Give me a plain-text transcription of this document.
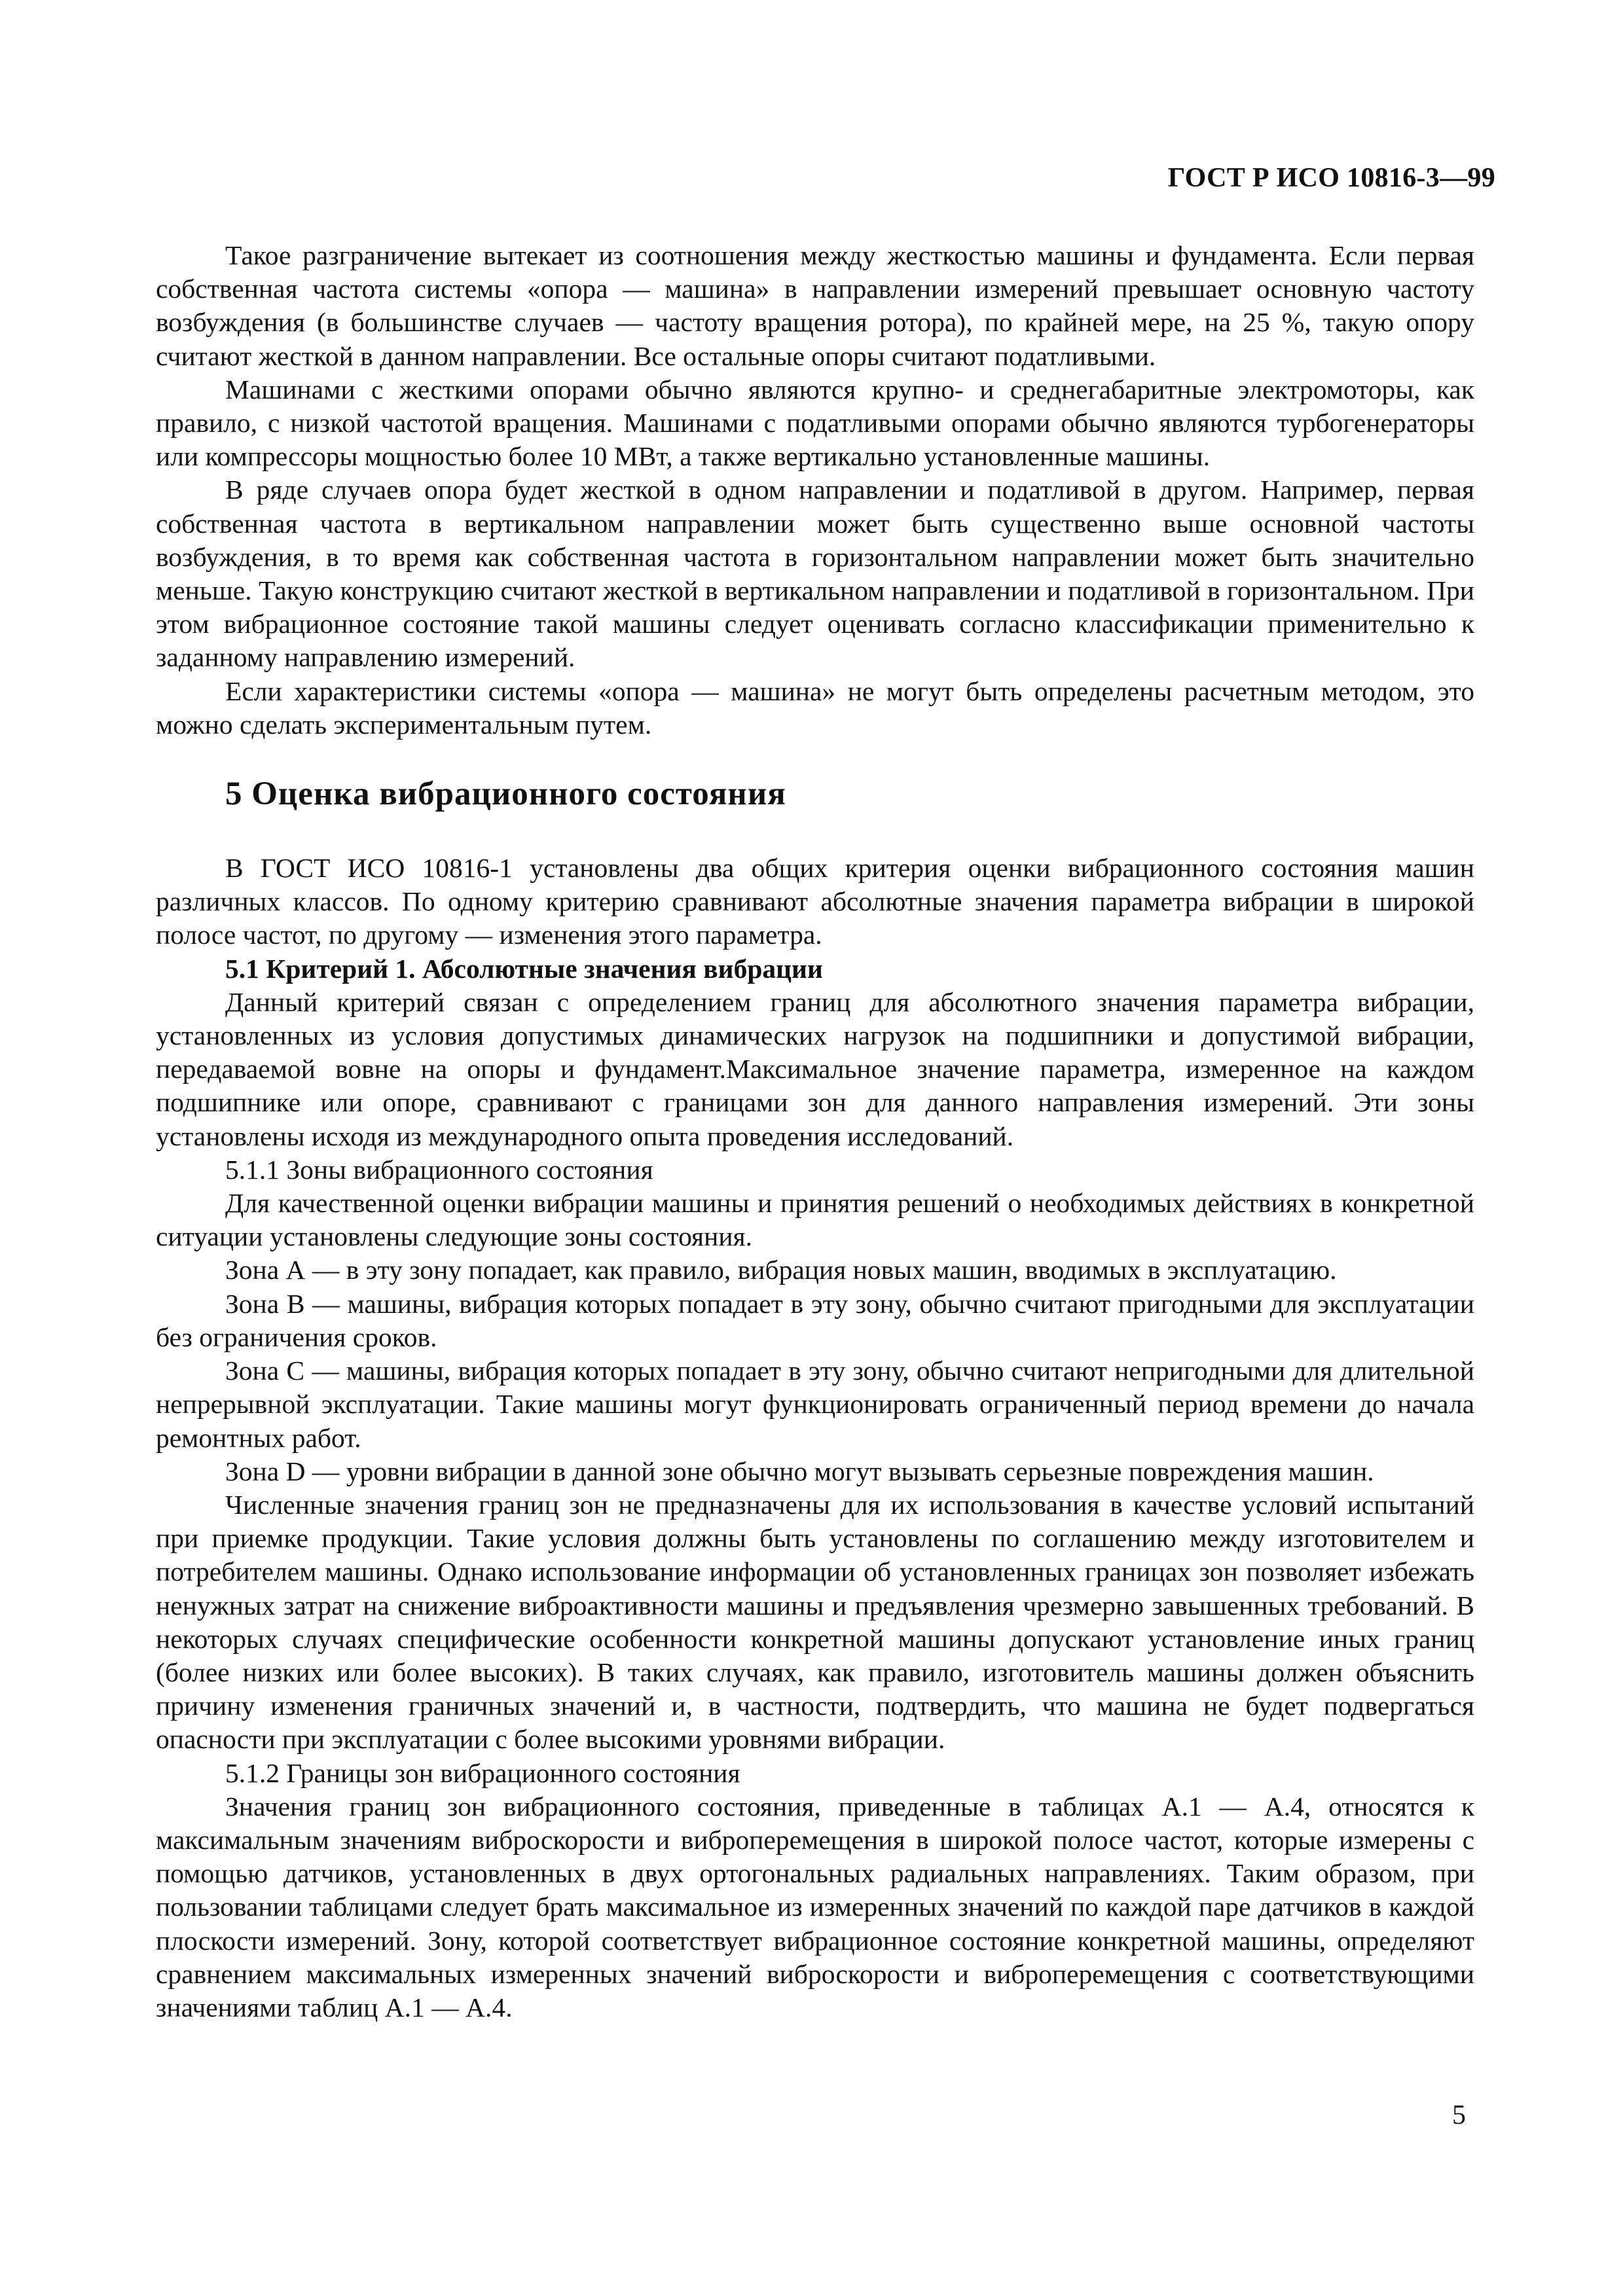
ГОСТ Р ИСО 10816-3—99

Такое разграничение вытекает из соотношения между жесткостью машины и фундамента. Если первая собственная частота системы «опора — машина» в направлении измерений превышает основную частоту возбуждения (в большинстве случаев — частоту вращения ротора), по крайней мере, на 25 %, такую опору считают жесткой в данном направлении. Все остальные опоры считают податливыми.

Машинами с жесткими опорами обычно являются крупно- и среднегабаритные электромоторы, как правило, с низкой частотой вращения. Машинами с податливыми опорами обычно являются турбогенераторы или компрессоры мощностью более 10 МВт, а также вертикально установленные машины.

В ряде случаев опора будет жесткой в одном направлении и податливой в другом. Например, первая собственная частота в вертикальном направлении может быть существенно выше основной частоты возбуждения, в то время как собственная частота в горизонтальном направлении может быть значительно меньше. Такую конструкцию считают жесткой в вертикальном направлении и податливой в горизонтальном. При этом вибрационное состояние такой машины следует оценивать согласно классификации применительно к заданному направлению измерений.

Если характеристики системы «опора — машина» не могут быть определены расчетным методом, это можно сделать экспериментальным путем.

5 Оценка вибрационного состояния

В ГОСТ ИСО 10816-1 установлены два общих критерия оценки вибрационного состояния машин различных классов. По одному критерию сравнивают абсолютные значения параметра вибрации в широкой полосе частот, по другому — изменения этого параметра.

5.1 Критерий 1. Абсолютные значения вибрации

Данный критерий связан с определением границ для абсолютного значения параметра вибрации, установленных из условия допустимых динамических нагрузок на подшипники и допустимой вибрации, передаваемой вовне на опоры и фундамент.Максимальное значение параметра, измеренное на каждом подшипнике или опоре, сравнивают с границами зон для данного направления измерений. Эти зоны установлены исходя из международного опыта проведения исследований.

5.1.1 Зоны вибрационного состояния

Для качественной оценки вибрации машины и принятия решений о необходимых действиях в конкретной ситуации установлены следующие зоны состояния.

Зона А — в эту зону попадает, как правило, вибрация новых машин, вводимых в эксплуатацию.

Зона В — машины, вибрация которых попадает в эту зону, обычно считают пригодными для эксплуатации без ограничения сроков.

Зона С — машины, вибрация которых попадает в эту зону, обычно считают непригодными для длительной непрерывной эксплуатации. Такие машины могут функционировать ограниченный период времени до начала ремонтных работ.

Зона D — уровни вибрации в данной зоне обычно могут вызывать серьезные повреждения машин.

Численные значения границ зон не предназначены для их использования в качестве условий испытаний при приемке продукции. Такие условия должны быть установлены по соглашению между изготовителем и потребителем машины. Однако использование информации об установленных границах зон позволяет избежать ненужных затрат на снижение виброактивности машины и предъявления чрезмерно завышенных требований. В некоторых случаях специфические особенности конкретной машины допускают установление иных границ (более низких или более высоких). В таких случаях, как правило, изготовитель машины должен объяснить причину изменения граничных значений и, в частности, подтвердить, что машина не будет подвергаться опасности при эксплуатации с более высокими уровнями вибрации.

5.1.2 Границы зон вибрационного состояния

Значения границ зон вибрационного состояния, приведенные в таблицах А.1 — А.4, относятся к максимальным значениям виброскорости и виброперемещения в широкой полосе частот, которые измерены с помощью датчиков, установленных в двух ортогональных радиальных направлениях. Таким образом, при пользовании таблицами следует брать максимальное из измеренных значений по каждой паре датчиков в каждой плоскости измерений. Зону, которой соответствует вибрационное состояние конкретной машины, определяют сравнением максимальных измеренных значений виброскорости и виброперемещения с соответствующими значениями таблиц А.1 — А.4.

5
